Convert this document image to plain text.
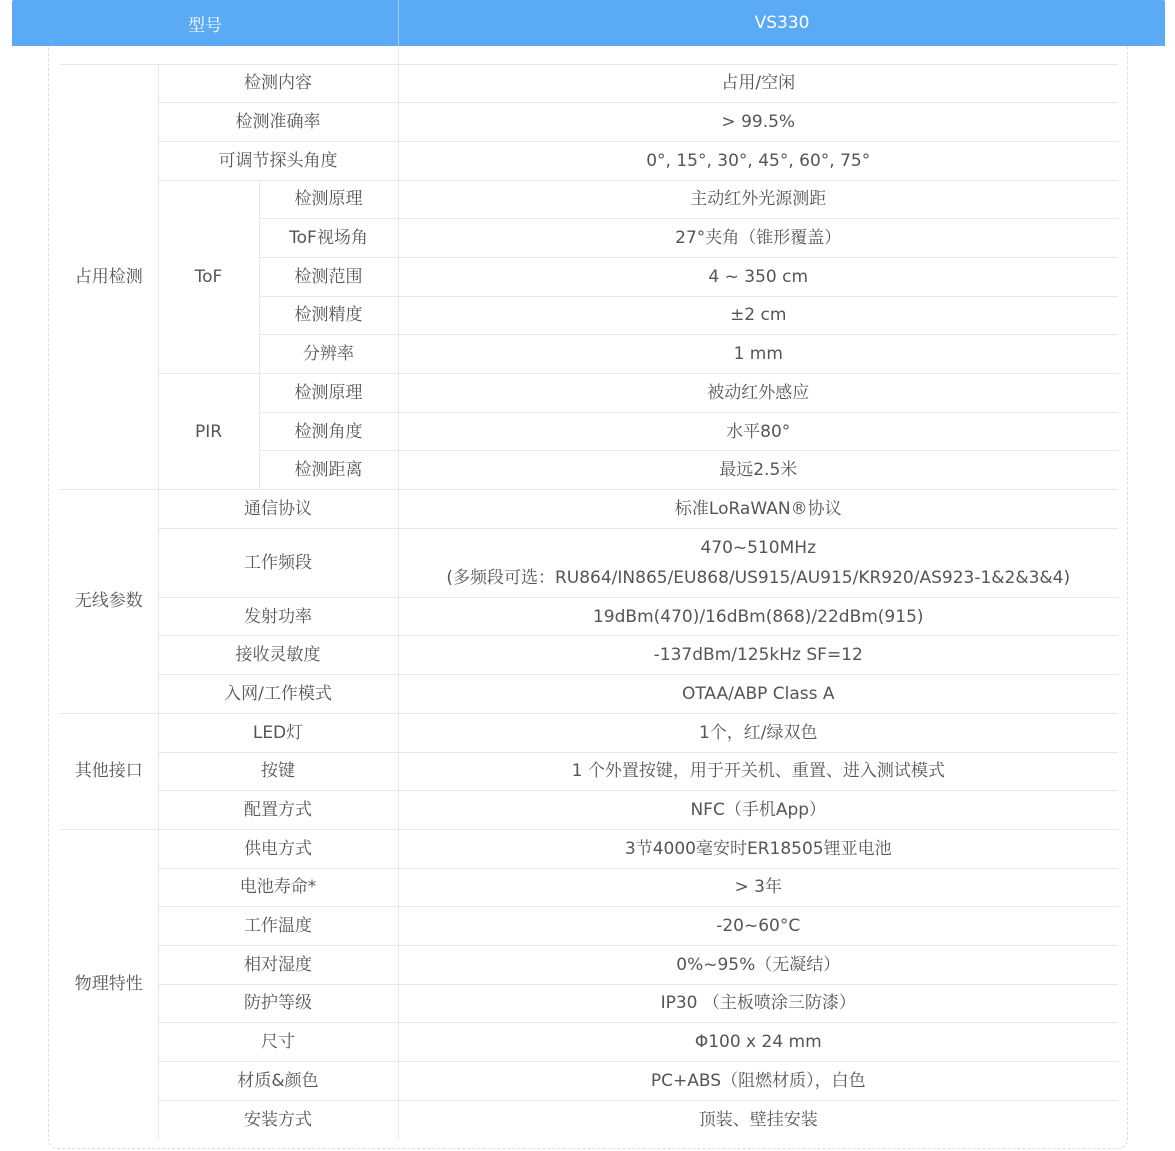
型号	VS330
占用检测	检测内容		占用/空闲
	检测准确率		> 99.5%
	可调节探头角度		0°, 15°, 30°, 45°, 60°, 75°
	ToF	检测原理	主动红外光源测距
		ToF视场角	27°夹角（锥形覆盖）
		检测范围	4 ~ 350 cm
		检测精度	±2 cm
		分辨率	1 mm
	PIR	检测原理	被动红外感应
		检测角度	水平80°
		检测距离	最远2.5米
无线参数	通信协议		标准LoRaWAN®协议
	工作频段		470~510MHz
(多频段可选：RU864/IN865/EU868/US915/AU915/KR920/AS923-1&2&3&4)

	发射功率		19dBm(470)/16dBm(868)/22dBm(915)
	接收灵敏度		-137dBm/125kHz SF=12
	入网/工作模式		OTAA/ABP Class A
其他接口	LED灯		1个，红/绿双色
	按键		1 个外置按键，用于开关机、重置、进入测试模式
	配置方式		NFC（手机App）
物理特性	供电方式		3节4000毫安时ER18505锂亚电池
	电池寿命*		> 3年
	工作温度		-20~60°C
	相对湿度		0%~95%（无凝结）
	防护等级		IP30 （主板喷涂三防漆）
	尺寸		Φ100 x 24 mm
	材质&颜色		PC+ABS（阻燃材质），白色
	安装方式		顶装、壁挂安装
